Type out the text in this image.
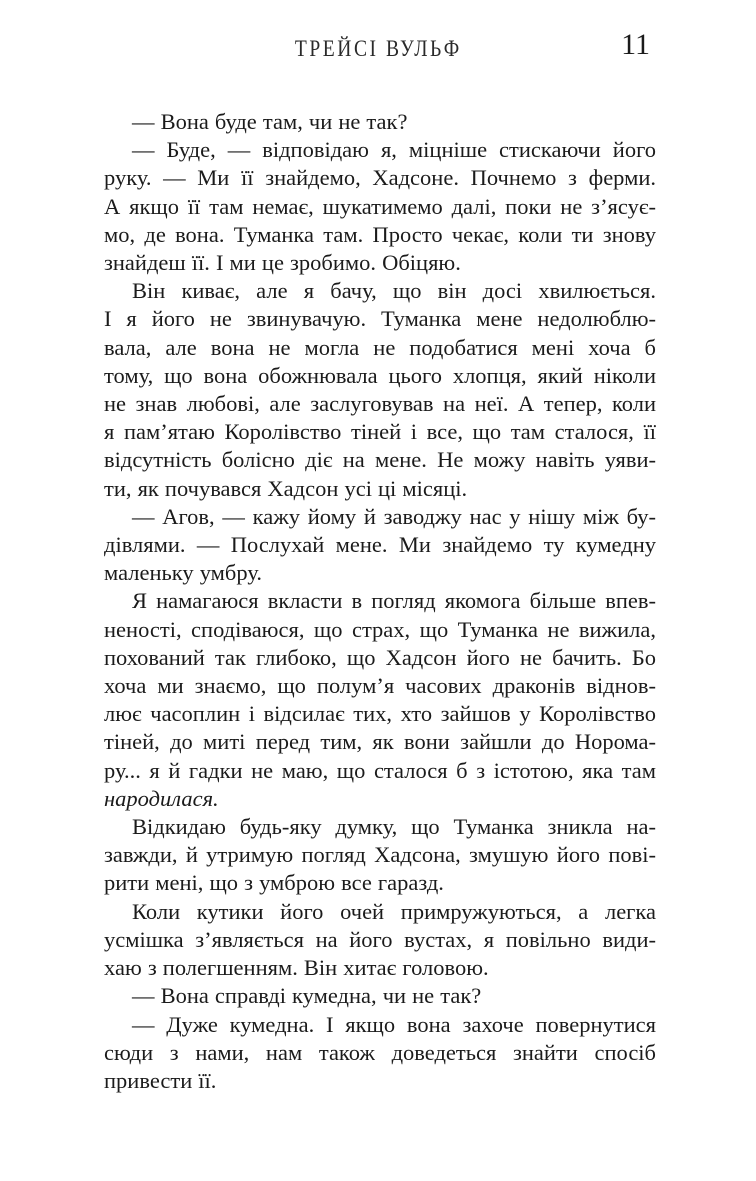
ТРЕЙСІ ВУЛЬФ	11
— Вона буде там, чи не так?
— Буде, — відповідаю я, міцніше стискаючи його
руку. — Ми її знайдемо, Хадсоне. Почнемо з ферми.
А якщо її там немає, шукатимемо далі, поки не з’ясує-
мо, де вона. Туманка там. Просто чекає, коли ти знову
знайдеш її. І ми це зробимо. Обіцяю.
Він киває, але я бачу, що він досі хвилюється.
І я його не звинувачую. Туманка мене недолюблю-
вала, але вона не могла не подобатися мені хоча б
тому, що вона обожнювала цього хлопця, який ніколи
не знав любові, але заслуговував на неї. А тепер, коли
я пам’ятаю Королівство тіней і все, що там сталося, її
відсутність болісно діє на мене. Не можу навіть уяви-
ти, як почувався Хадсон усі ці місяці.
— Агов, — кажу йому й заводжу нас у нішу між бу-
дівлями. — Послухай мене. Ми знайдемо ту кумедну
маленьку умбру.
Я намагаюся вкласти в погляд якомога більше впев-
неності, сподіваюся, що страх, що Туманка не вижила,
похований так глибоко, що Хадсон його не бачить. Бо
хоча ми знаємо, що полум’я часових драконів віднов-
лює часоплин і відсилає тих, хто зайшов у Королівство
тіней, до миті перед тим, як вони зайшли до Норома-
ру... я й гадки не маю, що сталося б з істотою, яка там
народилася.
Відкидаю будь-яку думку, що Туманка зникла на-
завжди, й утримую погляд Хадсона, змушую його пові-
рити мені, що з умброю все гаразд.
Коли кутики його очей примружуються, а легка
усмішка з’являється на його вустах, я повільно види-
хаю з полегшенням. Він хитає головою.
— Вона справді кумедна, чи не так?
— Дуже кумедна. І якщо вона захоче повернутися
сюди з нами, нам також доведеться знайти спосіб
привести її.
